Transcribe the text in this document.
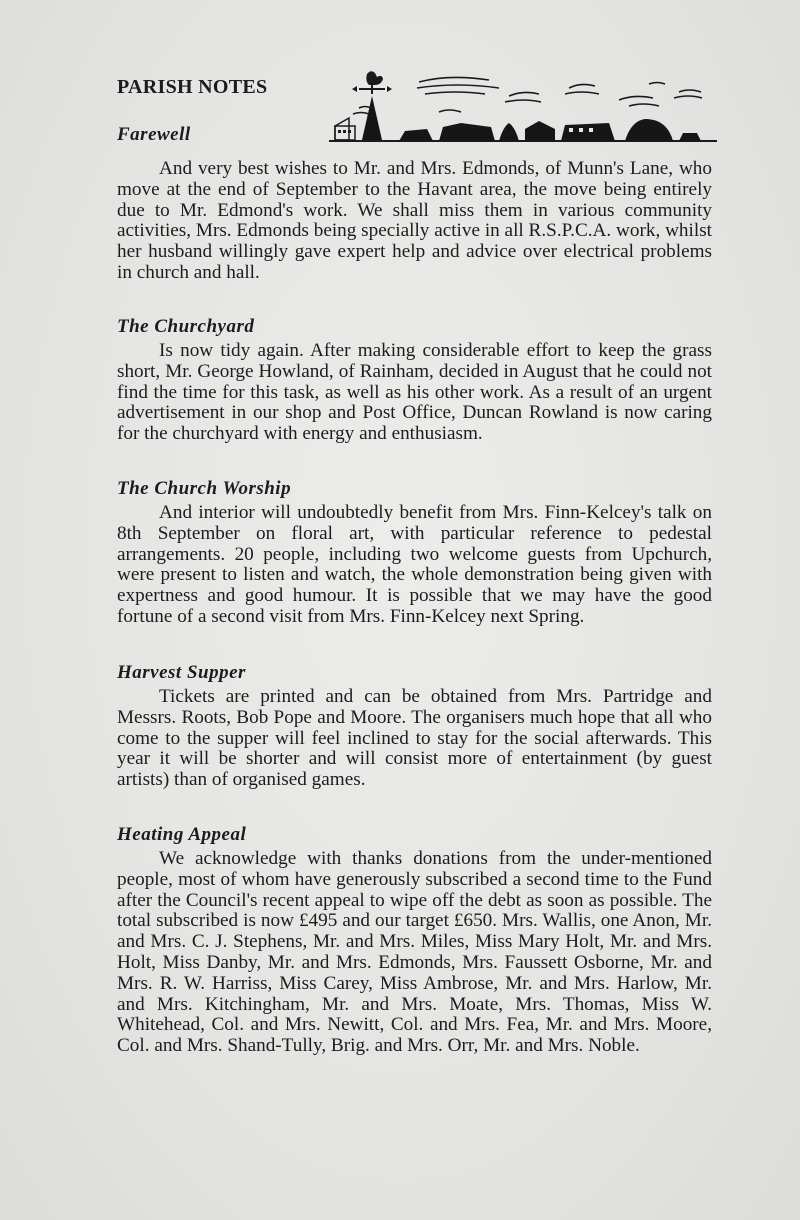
PARISH NOTES
Farewell

And very best wishes to Mr. and Mrs. Edmonds, of Munn's Lane, who move at the end of September to the Havant area, the move being entirely due to Mr. Edmond's work. We shall miss them in various community activities, Mrs. Edmonds being specially active in all R.S.P.C.A. work, whilst her husband willingly gave expert help and advice over electrical problems in church and hall.

The Churchyard

Is now tidy again. After making considerable effort to keep the grass short, Mr. George Howland, of Rainham, decided in August that he could not find the time for this task, as well as his other work. As a result of an urgent advertisement in our shop and Post Office, Duncan Rowland is now caring for the churchyard with energy and enthusiasm.

The Church Worship

And interior will undoubtedly benefit from Mrs. Finn-Kelcey's talk on 8th September on floral art, with particular reference to pedestal arrangements. 20 people, including two welcome guests from Upchurch, were present to listen and watch, the whole demonstration being given with expertness and good humour. It is possible that we may have the good fortune of a second visit from Mrs. Finn-Kelcey next Spring.

Harvest Supper

Tickets are printed and can be obtained from Mrs. Partridge and Messrs. Roots, Bob Pope and Moore. The organisers much hope that all who come to the supper will feel inclined to stay for the social afterwards. This year it will be shorter and will consist more of entertainment (by guest artists) than of organised games.

Heating Appeal

We acknowledge with thanks donations from the under-mentioned people, most of whom have generously subscribed a second time to the Fund after the Council's recent appeal to wipe off the debt as soon as possible. The total subscribed is now £495 and our target £650. Mrs. Wallis, one Anon, Mr. and Mrs. C. J. Stephens, Mr. and Mrs. Miles, Miss Mary Holt, Mr. and Mrs. Holt, Miss Danby, Mr. and Mrs. Edmonds, Mrs. Faussett Osborne, Mr. and Mrs. R. W. Harriss, Miss Carey, Miss Ambrose, Mr. and Mrs. Harlow, Mr. and Mrs. Kitchingham, Mr. and Mrs. Moate, Mrs. Thomas, Miss W. Whitehead, Col. and Mrs. Newitt, Col. and Mrs. Fea, Mr. and Mrs. Moore, Col. and Mrs. Shand-Tully, Brig. and Mrs. Orr, Mr. and Mrs. Noble.
